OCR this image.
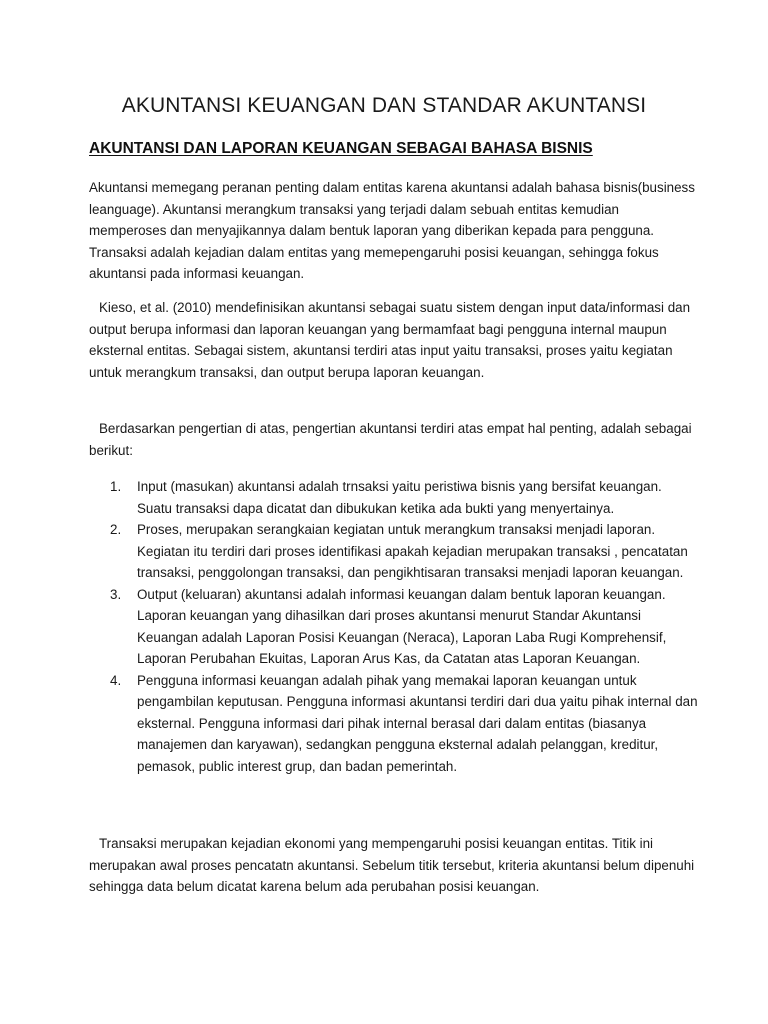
AKUNTANSI KEUANGAN DAN STANDAR AKUNTANSI
AKUNTANSI DAN LAPORAN KEUANGAN SEBAGAI BAHASA BISNIS

Akuntansi memegang peranan penting dalam entitas karena akuntansi adalah bahasa bisnis(business leanguage). Akuntansi merangkum transaksi yang terjadi dalam sebuah entitas kemudian memperoses dan menyajikannya dalam bentuk laporan yang diberikan kepada para pengguna. Transaksi adalah kejadian dalam entitas yang memepengaruhi posisi keuangan, sehingga fokus akuntansi pada informasi keuangan.

Kieso, et al. (2010) mendefinisikan akuntansi sebagai suatu sistem dengan input data/informasi dan output berupa informasi dan laporan keuangan yang bermamfaat bagi pengguna internal maupun eksternal entitas. Sebagai sistem, akuntansi terdiri atas input yaitu transaksi, proses yaitu kegiatan untuk merangkum transaksi, dan output berupa laporan keuangan.

Berdasarkan pengertian di atas, pengertian akuntansi terdiri atas empat hal penting, adalah sebagai berikut:

1. Input (masukan) akuntansi adalah trnsaksi yaitu peristiwa bisnis yang bersifat keuangan. Suatu transaksi dapa dicatat dan dibukukan ketika ada bukti yang menyertainya.
2. Proses, merupakan serangkaian kegiatan untuk merangkum transaksi menjadi laporan. Kegiatan itu terdiri dari proses identifikasi apakah kejadian merupakan transaksi , pencatatan transaksi, penggolongan transaksi, dan pengikhtisaran transaksi menjadi laporan keuangan.
3. Output (keluaran) akuntansi adalah informasi keuangan dalam bentuk laporan keuangan. Laporan keuangan yang dihasilkan dari proses akuntansi menurut Standar Akuntansi Keuangan adalah Laporan Posisi Keuangan (Neraca), Laporan Laba Rugi Komprehensif, Laporan Perubahan Ekuitas, Laporan Arus Kas, da Catatan atas Laporan Keuangan.
4. Pengguna informasi keuangan adalah pihak yang memakai laporan keuangan untuk pengambilan keputusan. Pengguna informasi akuntansi terdiri dari dua yaitu pihak internal dan eksternal. Pengguna informasi dari pihak internal berasal dari dalam entitas (biasanya manajemen dan karyawan), sedangkan pengguna eksternal adalah pelanggan, kreditur, pemasok, public interest grup, dan badan pemerintah.

Transaksi merupakan kejadian ekonomi yang mempengaruhi posisi keuangan entitas. Titik ini merupakan awal proses pencatatn akuntansi. Sebelum titik tersebut, kriteria akuntansi belum dipenuhi sehingga data belum dicatat karena belum ada perubahan posisi keuangan.
